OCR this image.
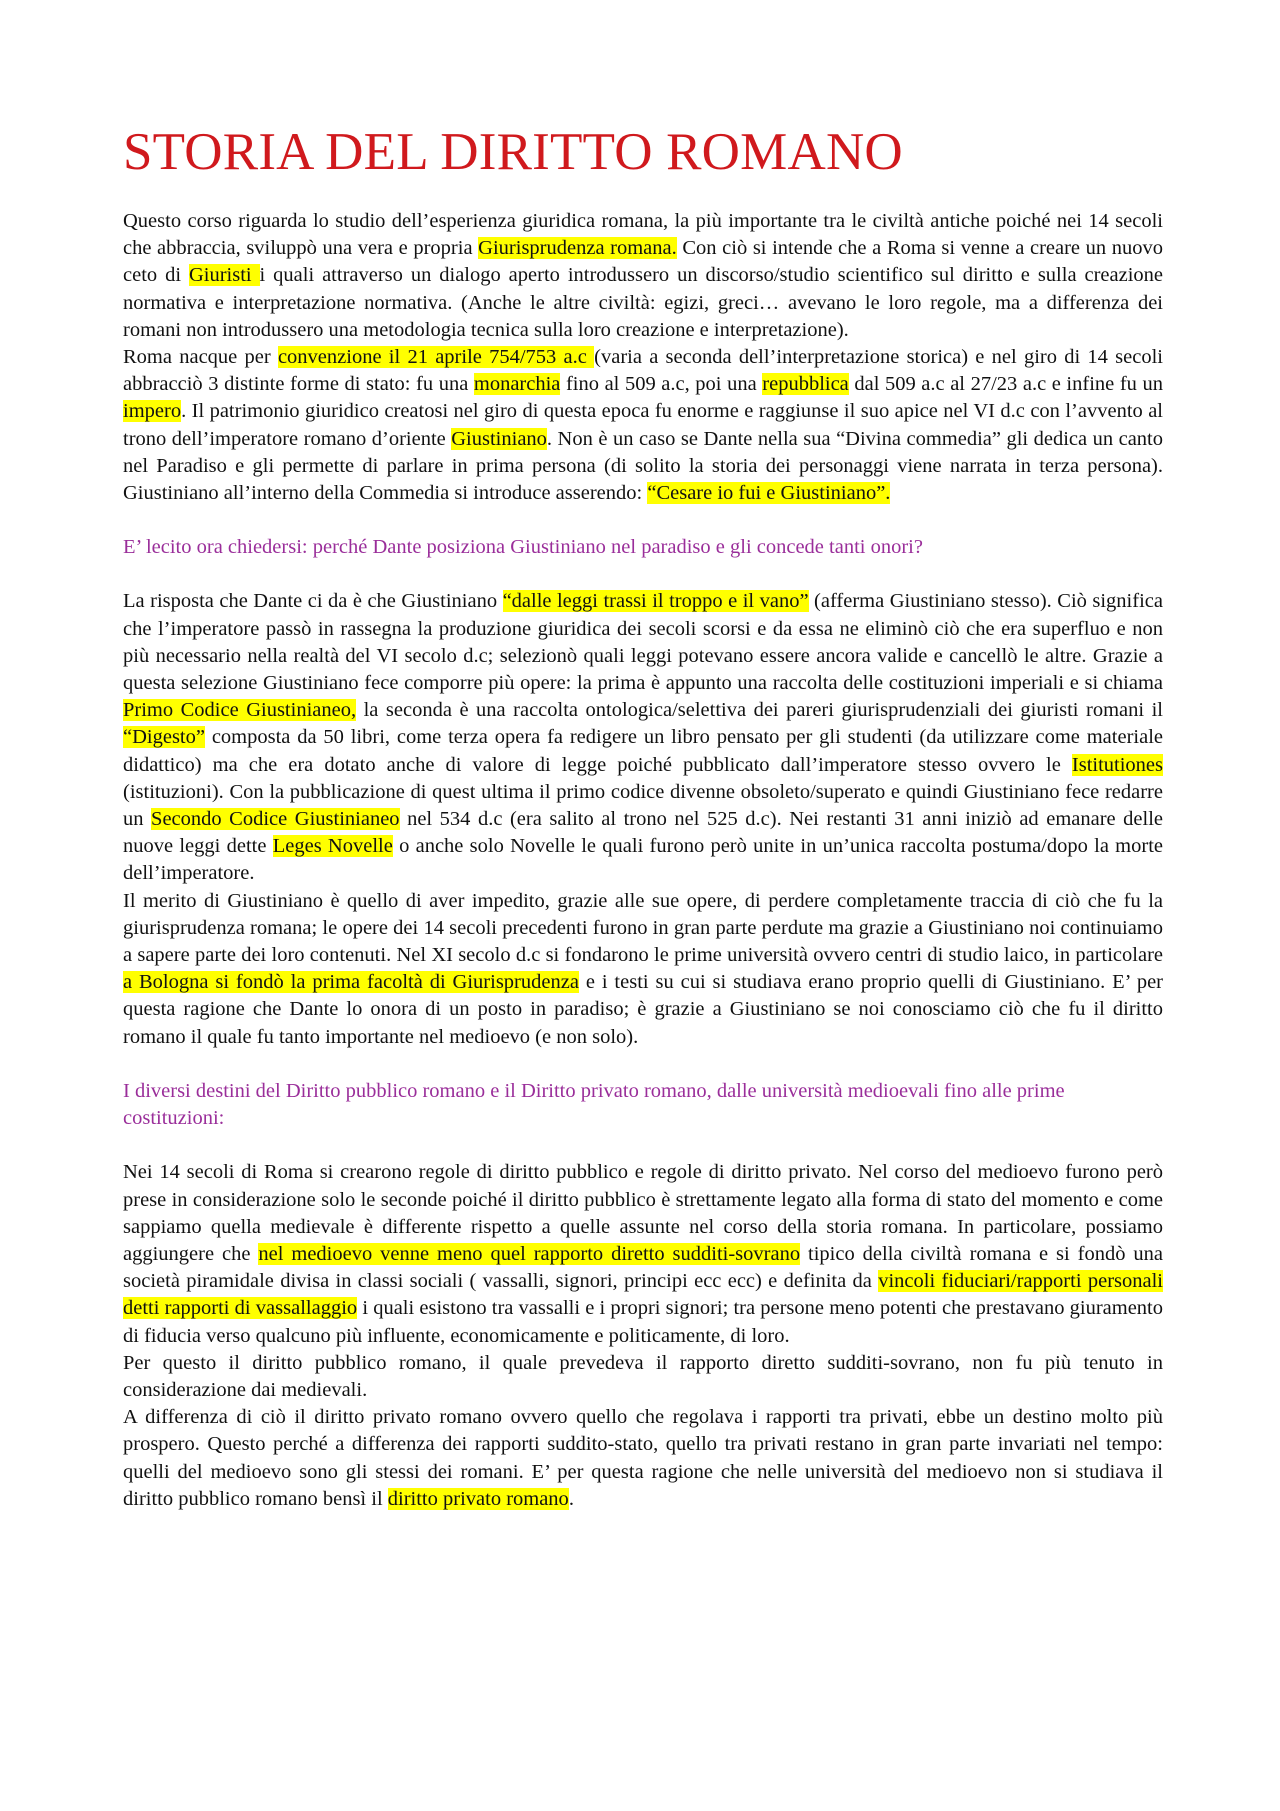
STORIA DEL DIRITTO ROMANO

Questo corso riguarda lo studio dell’esperienza giuridica romana, la più importante tra le civiltà antiche poiché nei 14 secoli che abbraccia, sviluppò una vera e propria Giurisprudenza romana. Con ciò si intende che a Roma si venne a creare un nuovo ceto di Giuristi i quali attraverso un dialogo aperto introdussero un discorso/studio scientifico sul diritto e sulla creazione normativa e interpretazione normativa. (Anche le altre civiltà: egizi, greci… avevano le loro regole, ma a differenza dei romani non introdussero una metodologia tecnica sulla loro creazione e interpretazione).

Roma nacque per convenzione il 21 aprile 754/753 a.c (varia a seconda dell’interpretazione storica) e nel giro di 14 secoli abbracciò 3 distinte forme di stato: fu una monarchia fino al 509 a.c, poi una repubblica dal 509 a.c al 27/23 a.c e infine fu un impero. Il patrimonio giuridico creatosi nel giro di questa epoca fu enorme e raggiunse il suo apice nel VI d.c con l’avvento al trono dell’imperatore romano d’oriente Giustiniano. Non è un caso se Dante nella sua “Divina commedia” gli dedica un canto nel Paradiso e gli permette di parlare in prima persona (di solito la storia dei personaggi viene narrata in terza persona). Giustiniano all’interno della Commedia si introduce asserendo: “Cesare io fui e Giustiniano”.

E’ lecito ora chiedersi: perché Dante posiziona Giustiniano nel paradiso e gli concede tanti onori?

La risposta che Dante ci da è che Giustiniano “dalle leggi trassi il troppo e il vano” (afferma Giustiniano stesso). Ciò significa che l’imperatore passò in rassegna la produzione giuridica dei secoli scorsi e da essa ne eliminò ciò che era superfluo e non più necessario nella realtà del VI secolo d.c; selezionò quali leggi potevano essere ancora valide e cancellò le altre. Grazie a questa selezione Giustiniano fece comporre più opere: la prima è appunto una raccolta delle costituzioni imperiali e si chiama Primo Codice Giustinianeo, la seconda è una raccolta ontologica/selettiva dei pareri giurisprudenziali dei giuristi romani il “Digesto” composta da 50 libri, come terza opera fa redigere un libro pensato per gli studenti (da utilizzare come materiale didattico) ma che era dotato anche di valore di legge poiché pubblicato dall’imperatore stesso ovvero le Istitutiones (istituzioni). Con la pubblicazione di quest ultima il primo codice divenne obsoleto/superato e quindi Giustiniano fece redarre un Secondo Codice Giustinianeo nel 534 d.c (era salito al trono nel 525 d.c). Nei restanti 31 anni iniziò ad emanare delle nuove leggi dette Leges Novelle o anche solo Novelle le quali furono però unite in un’unica raccolta postuma/dopo la morte dell’imperatore.

Il merito di Giustiniano è quello di aver impedito, grazie alle sue opere, di perdere completamente traccia di ciò che fu la giurisprudenza romana; le opere dei 14 secoli precedenti furono in gran parte perdute ma grazie a Giustiniano noi continuiamo a sapere parte dei loro contenuti. Nel XI secolo d.c si fondarono le prime università ovvero centri di studio laico, in particolare a Bologna si fondò la prima facoltà di Giurisprudenza e i testi su cui si studiava erano proprio quelli di Giustiniano. E’ per questa ragione che Dante lo onora di un posto in paradiso; è grazie a Giustiniano se noi conosciamo ciò che fu il diritto romano il quale fu tanto importante nel medioevo (e non solo).

I diversi destini del Diritto pubblico romano e il Diritto privato romano, dalle università medioevali fino alle prime costituzioni:

Nei 14 secoli di Roma si crearono regole di diritto pubblico e regole di diritto privato. Nel corso del medioevo furono però prese in considerazione solo le seconde poiché il diritto pubblico è strettamente legato alla forma di stato del momento e come sappiamo quella medievale è differente rispetto a quelle assunte nel corso della storia romana. In particolare, possiamo aggiungere che nel medioevo venne meno quel rapporto diretto sudditi-sovrano tipico della civiltà romana e si fondò una società piramidale divisa in classi sociali ( vassalli, signori, principi ecc ecc) e definita da vincoli fiduciari/rapporti personali detti rapporti di vassallaggio i quali esistono tra vassalli e i propri signori; tra persone meno potenti che prestavano giuramento di fiducia verso qualcuno più influente, economicamente e politicamente, di loro.

Per questo il diritto pubblico romano, il quale prevedeva il rapporto diretto sudditi-sovrano, non fu più tenuto in considerazione dai medievali.

A differenza di ciò il diritto privato romano ovvero quello che regolava i rapporti tra privati, ebbe un destino molto più prospero. Questo perché a differenza dei rapporti suddito-stato, quello tra privati restano in gran parte invariati nel tempo: quelli del medioevo sono gli stessi dei romani. E’ per questa ragione che nelle università del medioevo non si studiava il diritto pubblico romano bensì il diritto privato romano.
